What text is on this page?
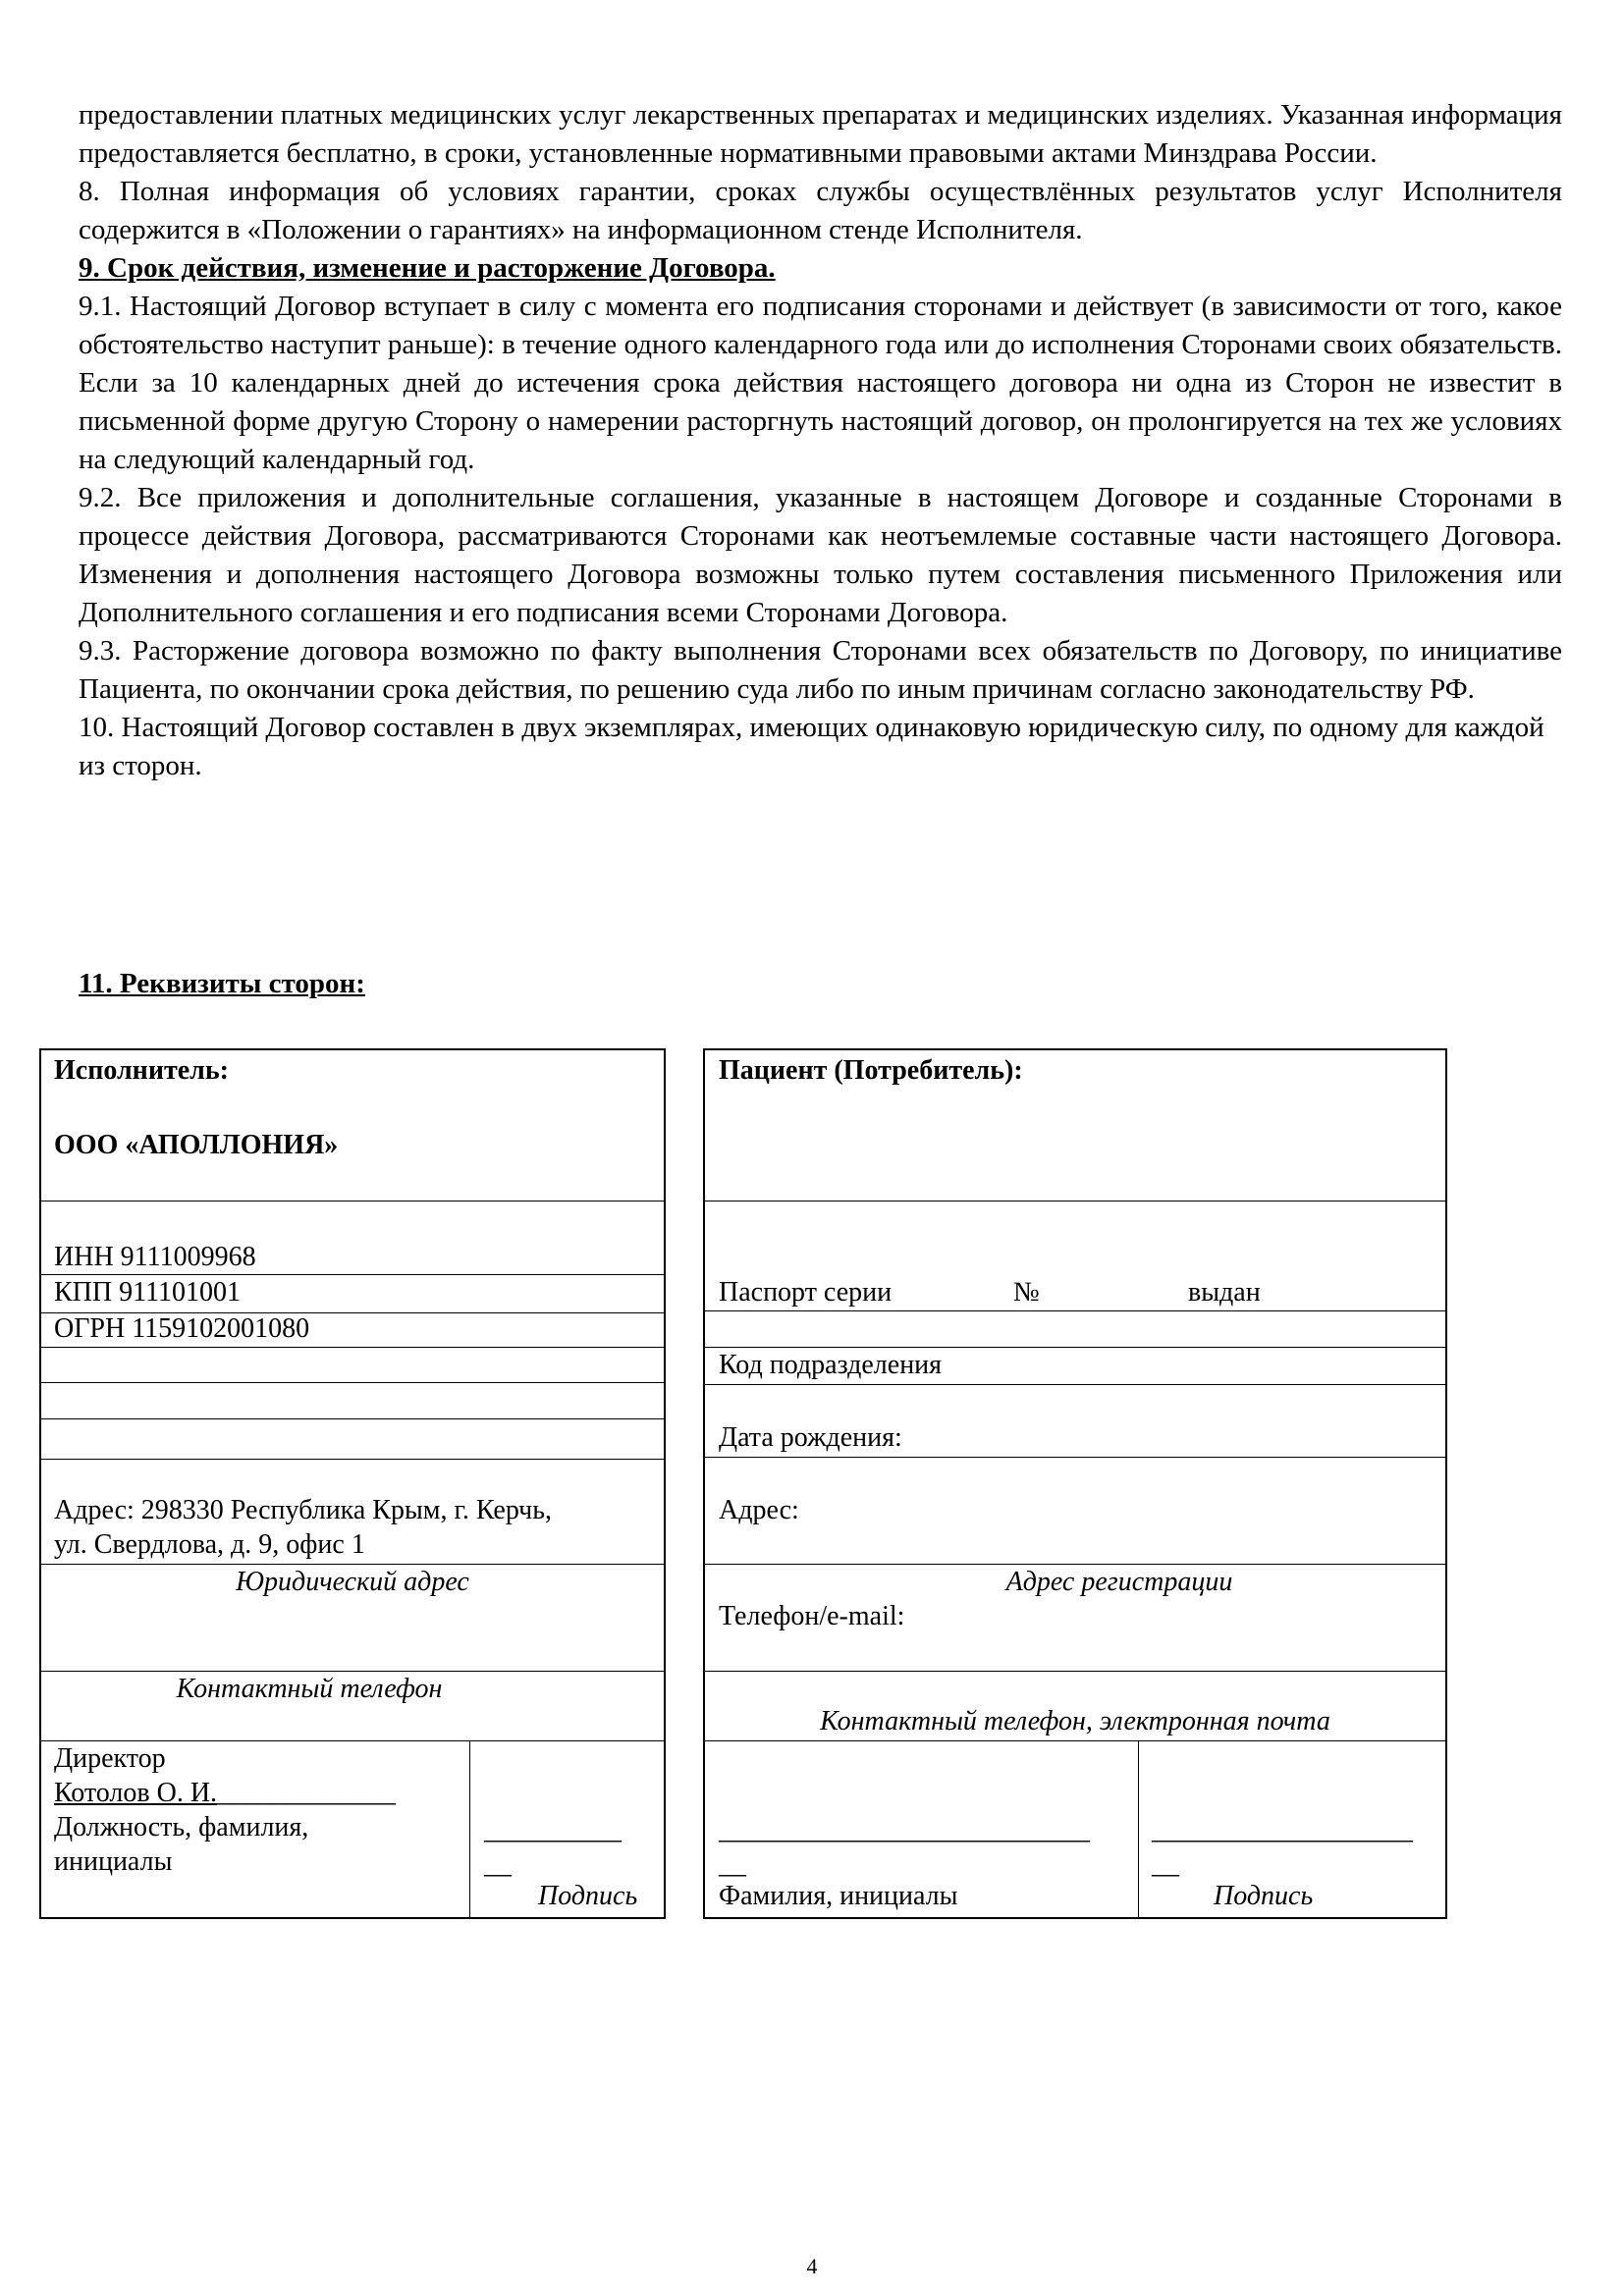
предоставлении платных медицинских услуг лекарственных препаратах и медицинских изделиях. Указанная информация предоставляется бесплатно, в сроки, установленные нормативными правовыми актами Минздрава России.

8. Полная информация об условиях гарантии, сроках службы осуществлённых результатов услуг Исполнителя содержится в «Положении о гарантиях» на информационном стенде Исполнителя.

9. Срок действия, изменение и расторжение Договора.

9.1. Настоящий Договор вступает в силу с момента его подписания сторонами и действует (в зависимости от того, какое обстоятельство наступит раньше): в течение одного календарного года или до исполнения Сторонами своих обязательств. Если за 10 календарных дней до истечения срока действия настоящего договора ни одна из Сторон не известит в письменной форме другую Сторону о намерении расторгнуть настоящий договор, он пролонгируется на тех же условиях на следующий календарный год.

9.2. Все приложения и дополнительные соглашения, указанные в настоящем Договоре и созданные Сторонами в процессе действия Договора, рассматриваются Сторонами как неотъемлемые составные части настоящего Договора. Изменения и дополнения настоящего Договора возможны только путем составления письменного Приложения или Дополнительного соглашения и его подписания всеми Сторонами Договора.

9.3. Расторжение договора возможно по факту выполнения Сторонами всех обязательств по Договору, по инициативе Пациента, по окончании срока действия, по решению суда либо по иным причинам согласно законодательству РФ.

10. Настоящий Договор составлен в двух экземплярах, имеющих одинаковую юридическую силу, по одному для каждой из сторон.

11. Реквизиты сторон:
Исполнитель:
ООО «АПОЛЛОНИЯ»
ИНН 9111009968
КПП 911101001
ОГРН 1159102001080
Адрес: 298330 Республика Крым, г. Керчь,
ул. Свердлова, д. 9, офис 1
Юридический адрес
Контактный телефон
Директор
Котолов О. И._____________
Должность, фамилия,
инициалы
__________
__
Подпись
Пациент (Потребитель):
Паспорт серии	№	выдан
Код подразделения
Дата рождения:
Адрес:
Адрес регистрации
Телефон/e-mail:
Контактный телефон, электронная почта
___________________________
__
Фамилия, инициалы
___________________
__
Подпись
4
